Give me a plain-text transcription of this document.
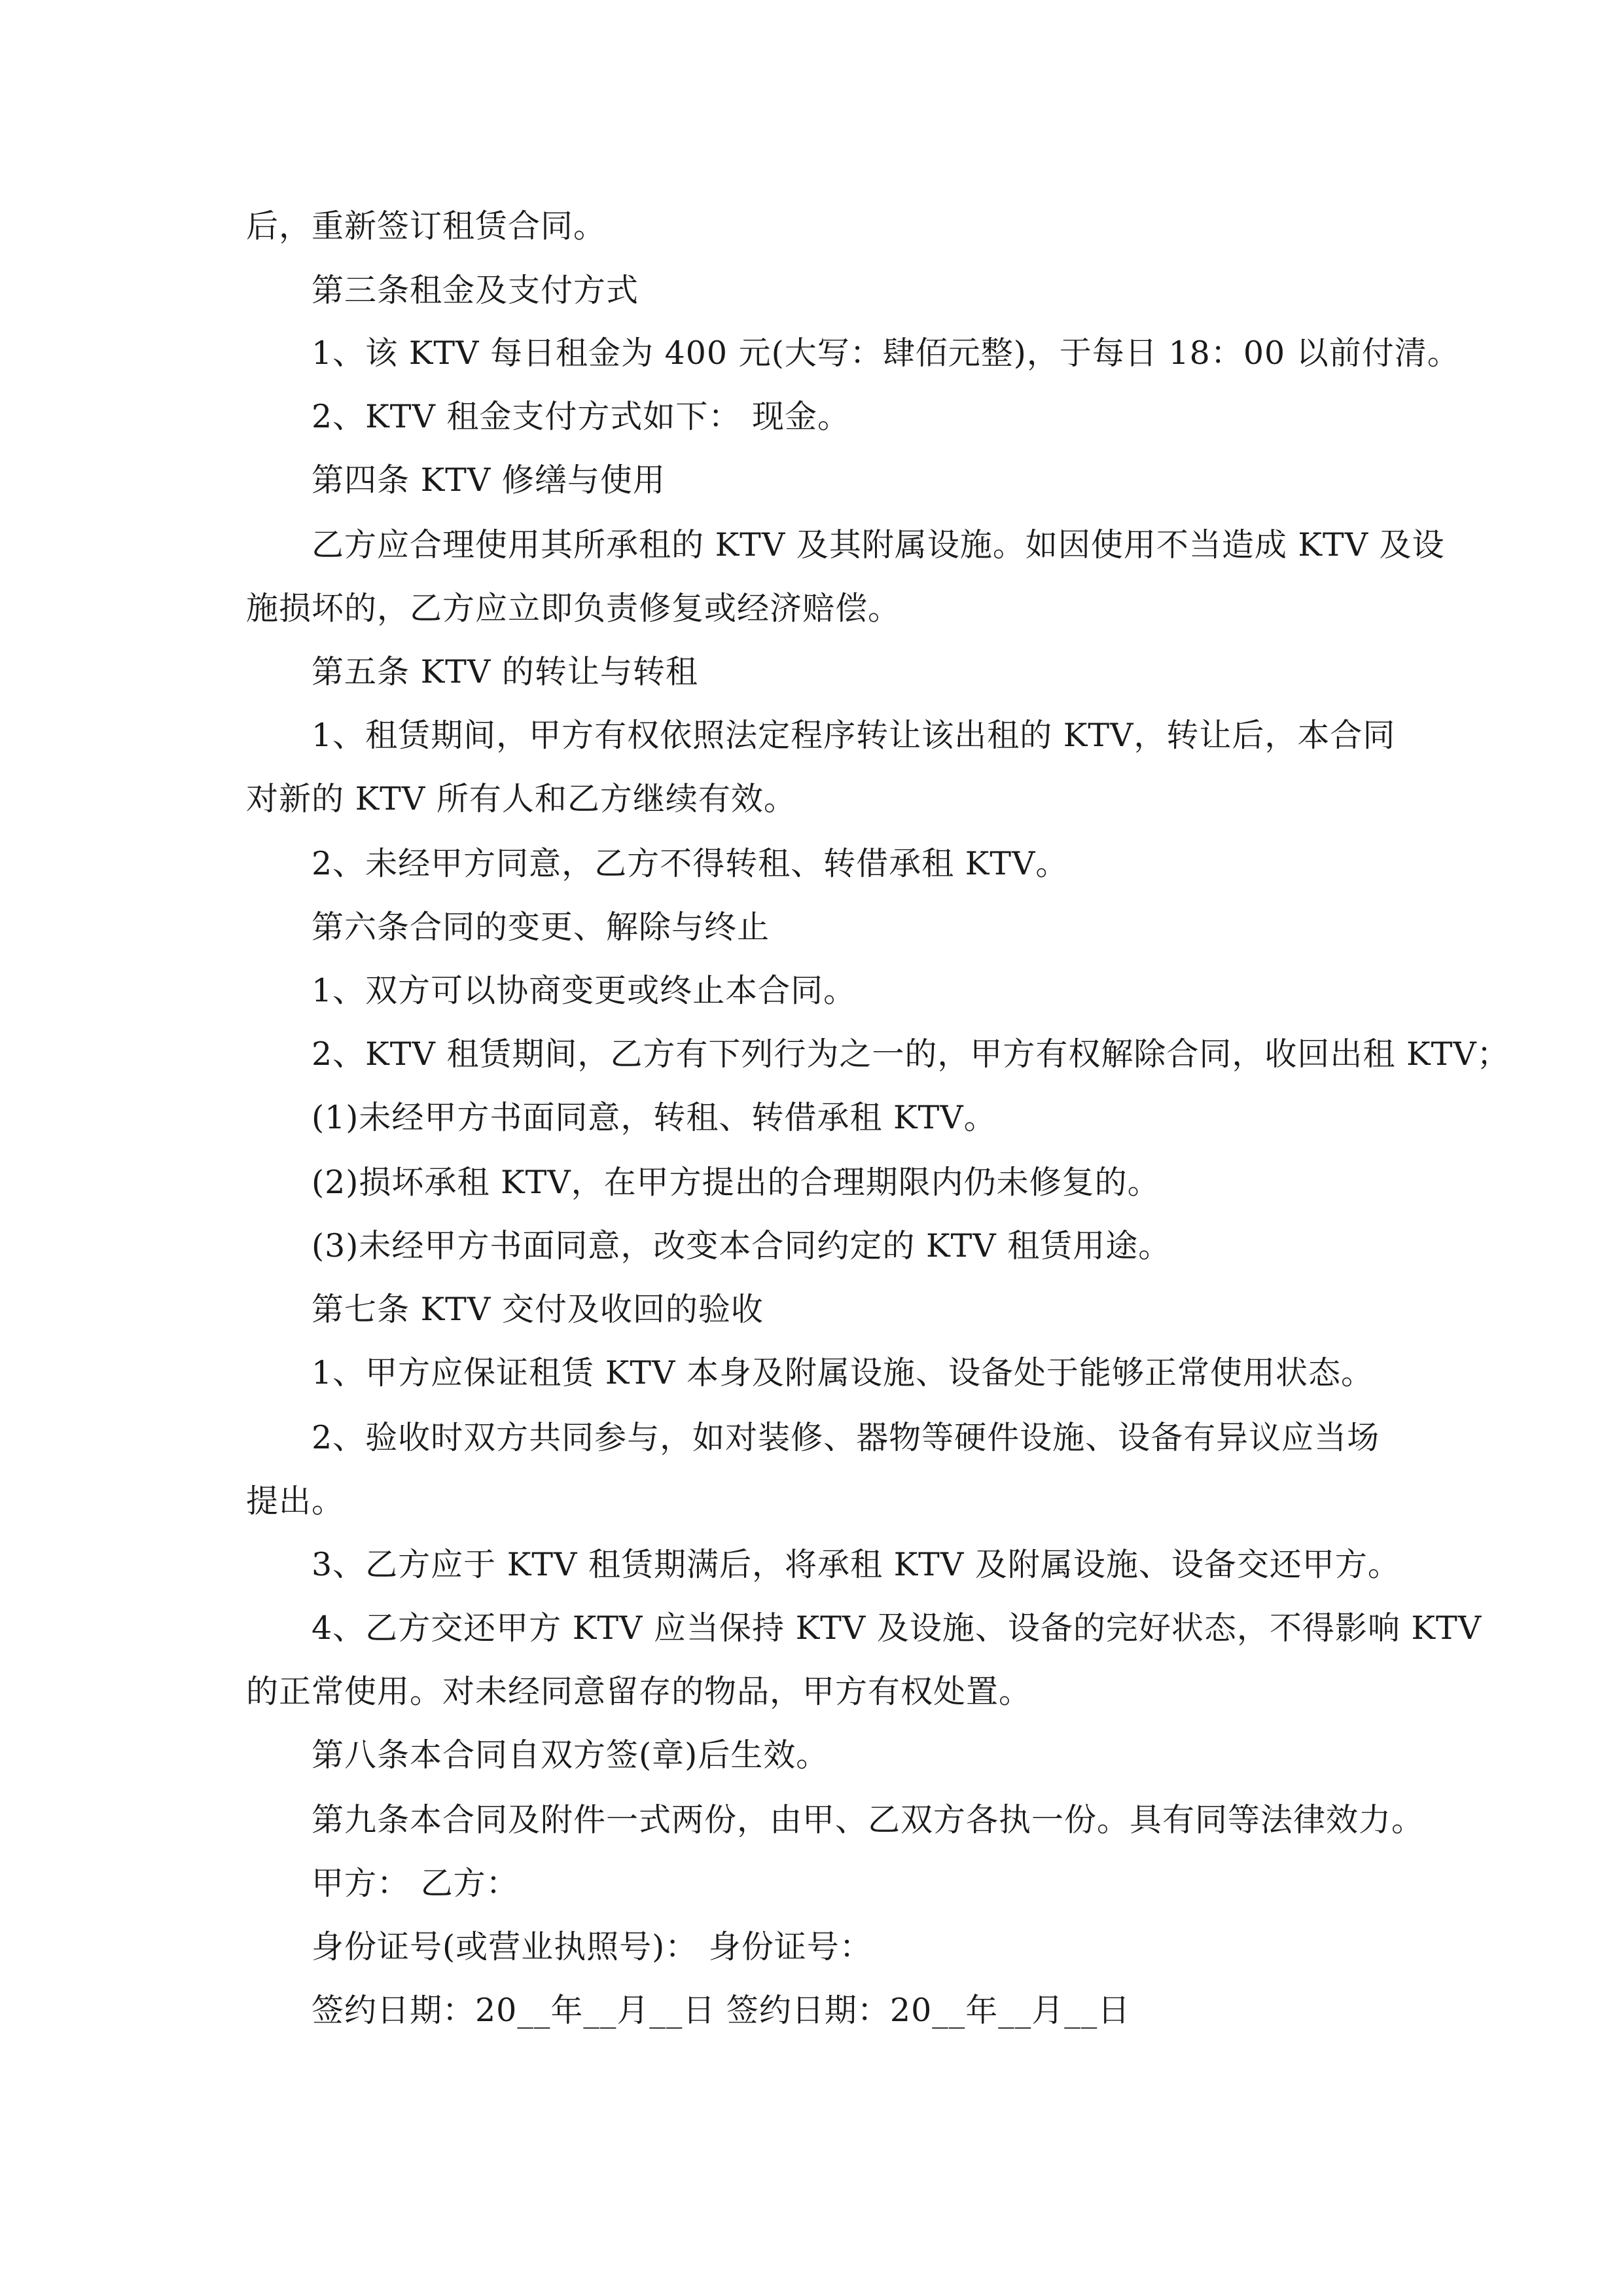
后，重新签订租赁合同。
第三条租金及支付方式
1、该 KTV 每日租金为 400 元(大写：肆佰元整)，于每日 18：00 以前付清。
2、KTV 租金支付方式如下： 现金。
第四条 KTV 修缮与使用
乙方应合理使用其所承租的 KTV 及其附属设施。如因使用不当造成 KTV 及设
施损坏的，乙方应立即负责修复或经济赔偿。
第五条 KTV 的转让与转租
1、租赁期间，甲方有权依照法定程序转让该出租的 KTV，转让后，本合同
对新的 KTV 所有人和乙方继续有效。
2、未经甲方同意，乙方不得转租、转借承租 KTV。
第六条合同的变更、解除与终止
1、双方可以协商变更或终止本合同。
2、KTV 租赁期间，乙方有下列行为之一的，甲方有权解除合同，收回出租 KTV；
(1)未经甲方书面同意，转租、转借承租 KTV。
(2)损坏承租 KTV，在甲方提出的合理期限内仍未修复的。
(3)未经甲方书面同意，改变本合同约定的 KTV 租赁用途。
第七条 KTV 交付及收回的验收
1、甲方应保证租赁 KTV 本身及附属设施、设备处于能够正常使用状态。
2、验收时双方共同参与，如对装修、器物等硬件设施、设备有异议应当场
提出。
3、乙方应于 KTV 租赁期满后，将承租 KTV 及附属设施、设备交还甲方。
4、乙方交还甲方 KTV 应当保持 KTV 及设施、设备的完好状态，不得影响 KTV
的正常使用。对未经同意留存的物品，甲方有权处置。
第八条本合同自双方签(章)后生效。
第九条本合同及附件一式两份，由甲、乙双方各执一份。具有同等法律效力。
甲方： 乙方：
身份证号(或营业执照号)： 身份证号：
签约日期：20__年__月__日 签约日期：20__年__月__日
